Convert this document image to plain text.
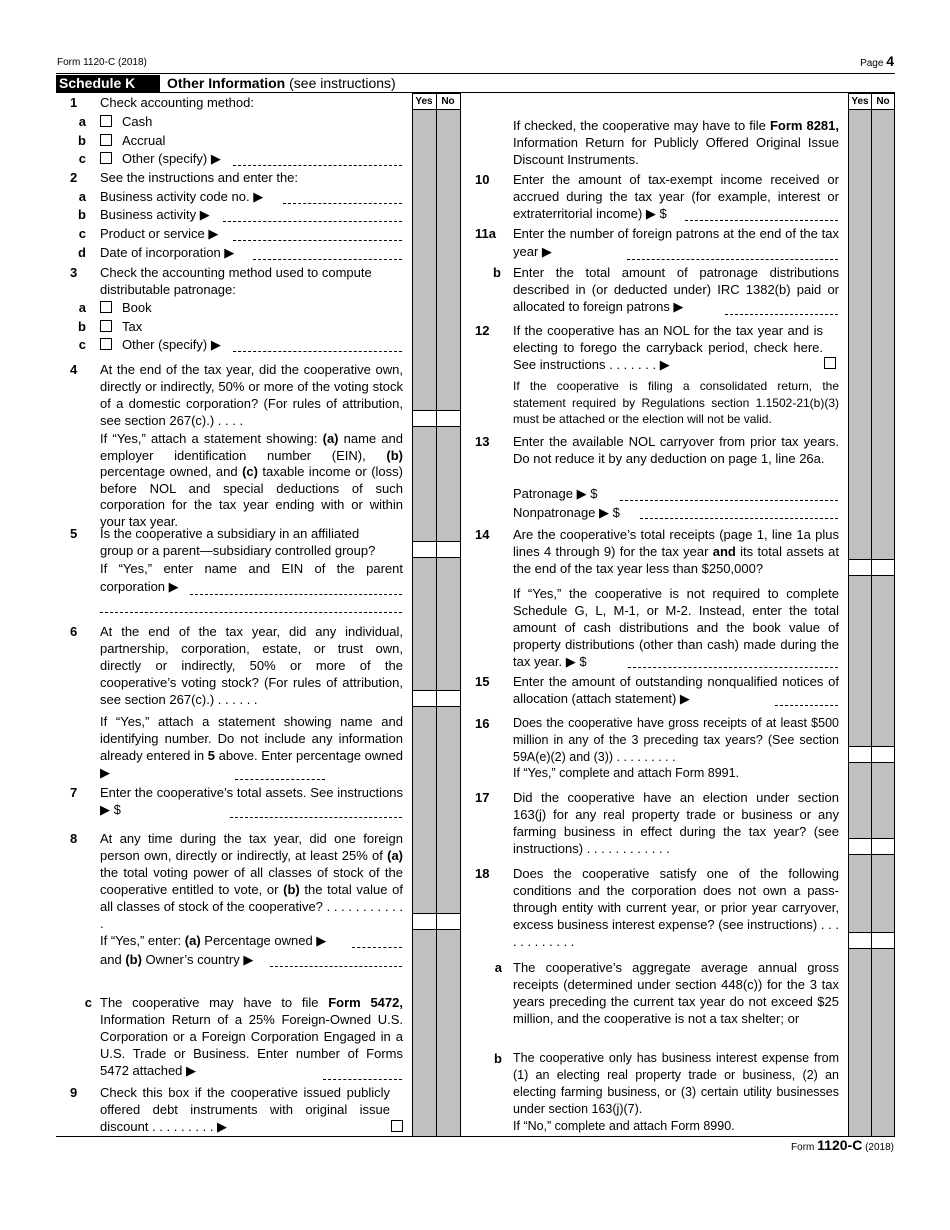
Form 1120-C (2018)	Page 4
Schedule K	Other Information (see instructions)
Yes No	Yes No
1 Check accounting method:
a	Cash
b	Accrual
c	Other (specify) ▶
2 See the instructions and enter the:
a Business activity code no. ▶
b Business activity ▶
c Product or service ▶
d Date of incorporation ▶
3 Check the accounting method used to compute
distributable patronage:
a	Book
b	Tax
c	Other (specify) ▶
4 At the end of the tax year, did the cooperative own, directly or indirectly, 50% or more of the voting stock of a domestic corporation? (For rules of attribution, see section 267(c).) . . . .
If “Yes,” attach a statement showing: (a) name and employer identification number (EIN), (b) percentage owned, and (c) taxable income or (loss) before NOL and special deductions of such corporation for the tax year ending with or within your tax year.
5 Is the cooperative a subsidiary in an affiliated
group or a parent—subsidiary controlled group?
If “Yes,” enter name and EIN of the parent corporation ▶
6 At the end of the tax year, did any individual, partnership, corporation, estate, or trust own, directly or indirectly, 50% or more of the cooperative’s voting stock? (For rules of attribution, see section 267(c).) . . . . . .
If “Yes,” attach a statement showing name and identifying number. Do not include any information already entered in 5 above. Enter percentage owned ▶
7 Enter the cooperative’s total assets. See instructions ▶ $
8 At any time during the tax year, did one foreign person own, directly or indirectly, at least 25% of (a) the total voting power of all classes of stock of the cooperative entitled to vote, or (b) the total value of all classes of stock of the cooperative? . . . . . . . . . . . .
If “Yes,” enter: (a) Percentage owned ▶
and (b) Owner’s country ▶
c The cooperative may have to file Form 5472, Information Return of a 25% Foreign-Owned U.S. Corporation or a Foreign Corporation Engaged in a U.S. Trade or Business. Enter number of Forms 5472 attached ▶
9 Check this box if the cooperative issued publicly offered debt instruments with original issue discount . . . . . . . . . ▶
If checked, the cooperative may have to file Form 8281, Information Return for Publicly Offered Original Issue Discount Instruments.
10 Enter the amount of tax-exempt income received or accrued during the tax year (for example, interest or extraterritorial income) ▶ $
11a Enter the number of foreign patrons at the end of the tax year ▶
b Enter the total amount of patronage distributions described in (or deducted under) IRC 1382(b) paid or allocated to foreign patrons ▶
12 If the cooperative has an NOL for the tax year and is electing to forego the carryback period, check here. See instructions . . . . . . . ▶
If the cooperative is filing a consolidated return, the statement required by Regulations section 1.1502-21(b)(3) must be attached or the election will not be valid.
13 Enter the available NOL carryover from prior tax years. Do not reduce it by any deduction on page 1, line 26a.
Patronage ▶ $
Nonpatronage ▶ $
14 Are the cooperative’s total receipts (page 1, line 1a plus lines 4 through 9) for the tax year and its total assets at the end of the tax year less than $250,000?
If “Yes,” the cooperative is not required to complete Schedule G, L, M-1, or M-2. Instead, enter the total amount of cash distributions and the book value of property distributions (other than cash) made during the tax year. ▶ $
15 Enter the amount of outstanding nonqualified notices of allocation (attach statement) ▶
16 Does the cooperative have gross receipts of at least $500 million in any of the 3 preceding tax years? (See section 59A(e)(2) and (3)) . . . . . . . . .
If “Yes,” complete and attach Form 8991.
17 Did the cooperative have an election under section 163(j) for any real property trade or business or any farming business in effect during the tax year? (see instructions) . . . . . . . . . . . .
18 Does the cooperative satisfy one of the following conditions and the corporation does not own a pass-through entity with current year, or prior year carryover, excess business interest expense? (see instructions) . . . . . . . . . . . .
a The cooperative’s aggregate average annual gross receipts (determined under section 448(c)) for the 3 tax years preceding the current tax year do not exceed $25 million, and the cooperative is not a tax shelter; or
b The cooperative only has business interest expense from (1) an electing real property trade or business, (2) an electing farming business, or (3) certain utility businesses under section 163(j)(7).
If “No,” complete and attach Form 8990.
Form 1120-C (2018)
